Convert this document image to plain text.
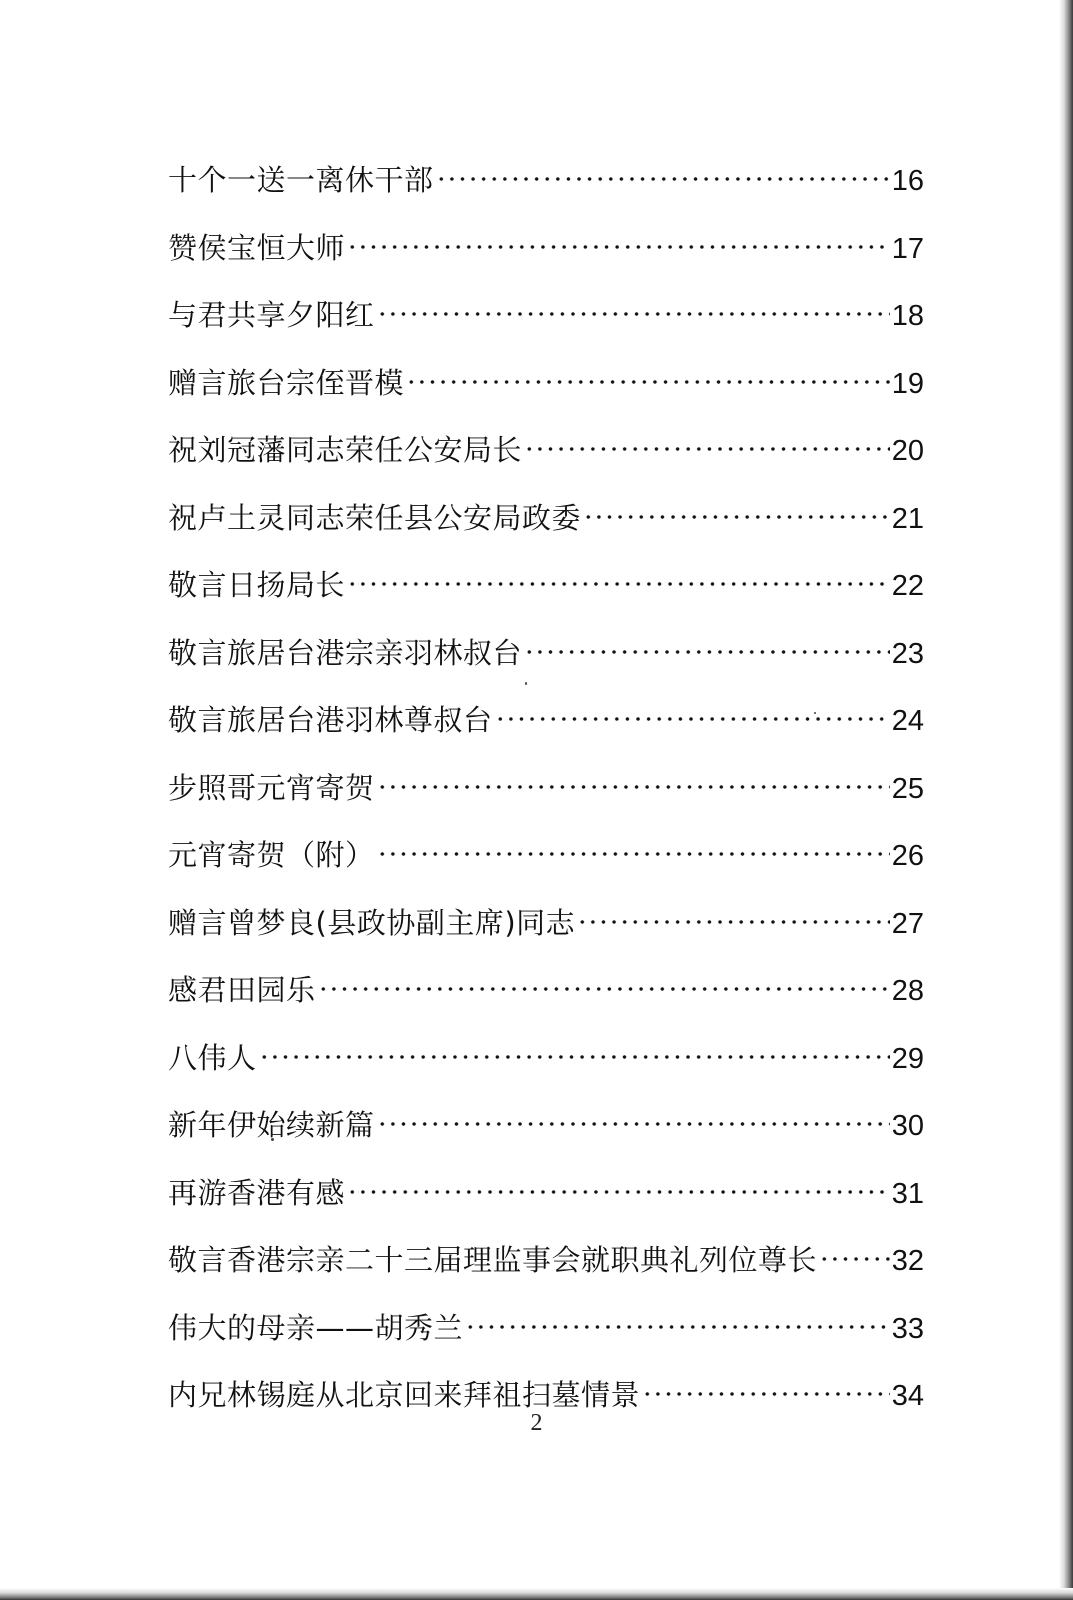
十个一送一离休干部	16
赞侯宝恒大师	17
与君共享夕阳红	18
赠言旅台宗侄晋模	19
祝刘冠藩同志荣任公安局长	20
祝卢土灵同志荣任县公安局政委	21
敬言日扬局长	22
敬言旅居台港宗亲羽林叔台	23
敬言旅居台港羽林尊叔台	24
步照哥元宵寄贺	25
元宵寄贺（附）	26
赠言曾梦良(县政协副主席)同志	27
感君田园乐	28
八伟人	29
新年伊始续新篇	30
再游香港有感	31
敬言香港宗亲二十三届理监事会就职典礼列位尊长	32
伟大的母亲——胡秀兰	33
内兄林锡庭从北京回来拜祖扫墓情景	34
2
